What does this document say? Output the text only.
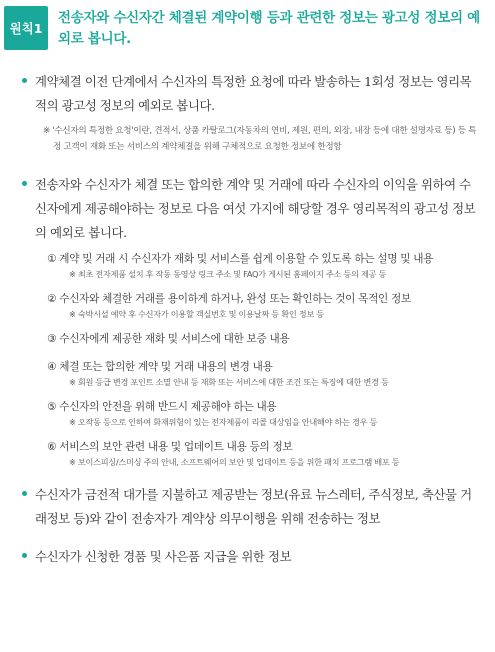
원칙1
전송자와 수신자간 체결된 계약이행 등과 관련한 정보는 광고성 정보의 예외로 봅니다.
계약체결 이전 단계에서 수신자의 특정한 요청에 따라 발송하는 1회성 정보는 영리목적의 광고성 정보의 예외로 봅니다.
※ '수신자의 특정한 요청'이란, 견적서, 상품 카탈로그(자동차의 연비, 제원, 편의, 외장, 내장 등에 대한 설명자료 등) 등 특정 고객이 재화 또는 서비스의 계약체결을 위해 구체적으로 요청한 정보에 한정함
전송자와 수신자가 체결 또는 합의한 계약 및 거래에 따라 수신자의 이익을 위하여 수신자에게 제공해야하는 정보로 다음 여섯 가지에 해당할 경우 영리목적의 광고성 정보의 예외로 봅니다.
① 계약 및 거래 시 수신자가 재화 및 서비스를 쉽게 이용할 수 있도록 하는 설명 및 내용
※ 최초 전자제품 설치 후 작동 동영상 링크 주소 및 FAQ가 게시된 홈페이지 주소 등의 제공 등
② 수신자와 체결한 거래를 용이하게 하거나, 완성 또는 확인하는 것이 목적인 정보
※ 숙박시설 예약 후 수신자가 이용할 객실번호 및 이용날짜 등 확인 정보 등
③ 수신자에게 제공한 재화 및 서비스에 대한 보증 내용
④ 체결 또는 합의한 계약 및 거래 내용의 변경 내용
※ 회원 등급 변경 포인트 소멸 안내 등 재화 또는 서비스에 대한 조건 또는 특징에 대한 변경 등
⑤ 수신자의 안전을 위해 반드시 제공해야 하는 내용
※ 오작동 등으로 인하여 화재위험이 있는 전자제품이 리콜 대상임을 안내해야 하는 경우 등
⑥ 서비스의 보안 관련 내용 및 업데이트 내용 등의 정보
※ 보이스피싱/스미싱 주의 안내, 소프트웨어의 보안 및 업데이트 등을 위한 패치 프로그램 배포 등
수신자가 금전적 대가를 지불하고 제공받는 정보(유료 뉴스레터, 주식정보, 축산물 거래정보 등)와 같이 전송자가 계약상 의무이행을 위해 전송하는 정보
수신자가 신청한 경품 및 사은품 지급을 위한 정보
